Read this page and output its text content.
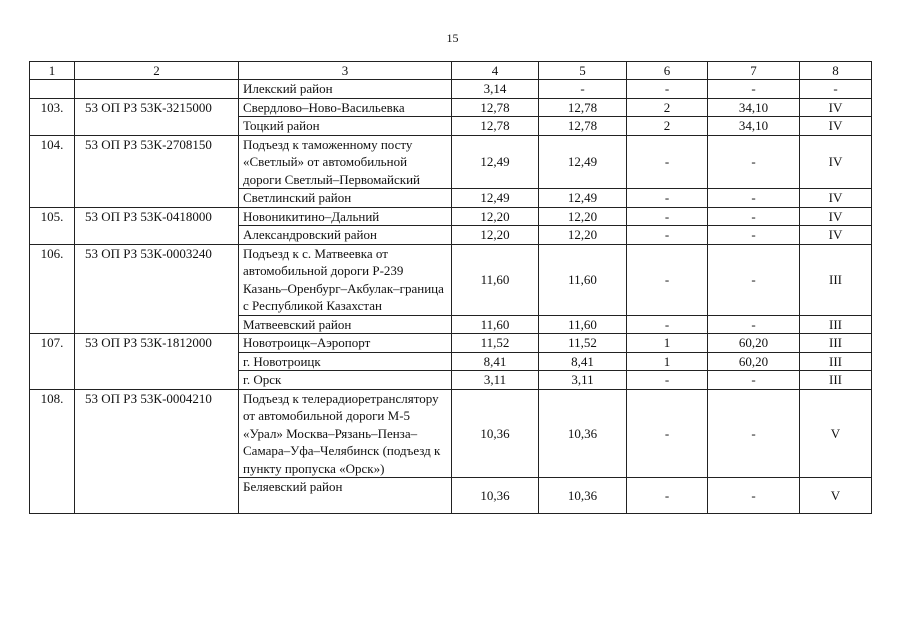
15
1	2	3	4	5	6	7	8
		Илекский район	3,14	-	-	-	-
103.	53 ОП РЗ 53К-3215000	Свердлово–Ново-Васильевка	12,78	12,78	2	34,10	IV
		Тоцкий район	12,78	12,78	2	34,10	IV
104.	53 ОП РЗ 53К-2708150	Подъезд к таможенному посту «Светлый» от автомобильной дороги Светлый–Первомайский	12,49	12,49	-	-	IV
		Светлинский район	12,49	12,49	-	-	IV
105.	53 ОП РЗ 53К-0418000	Новоникитино–Дальний	12,20	12,20	-	-	IV
		Александровский район	12,20	12,20	-	-	IV
106.	53 ОП РЗ 53К-0003240	Подъезд к с. Матвеевка от автомобильной дороги Р-239 Казань–Оренбург–Акбулак–граница с Республикой Казахстан	11,60	11,60	-	-	III
		Матвеевский район	11,60	11,60	-	-	III
107.	53 ОП РЗ 53К-1812000	Новотроицк–Аэропорт	11,52	11,52	1	60,20	III
		г. Новотроицк	8,41	8,41	1	60,20	III
		г. Орск	3,11	3,11	-	-	III
108.	53 ОП РЗ 53К-0004210	Подъезд к телерадиоретранслятору от автомобильной дороги М-5 «Урал» Москва–Рязань–Пенза–Самара–Уфа–Челябинск (подъезд к пункту пропуска «Орск»)	10,36	10,36	-	-	V
		Беляевский район	10,36	10,36	-	-	V
